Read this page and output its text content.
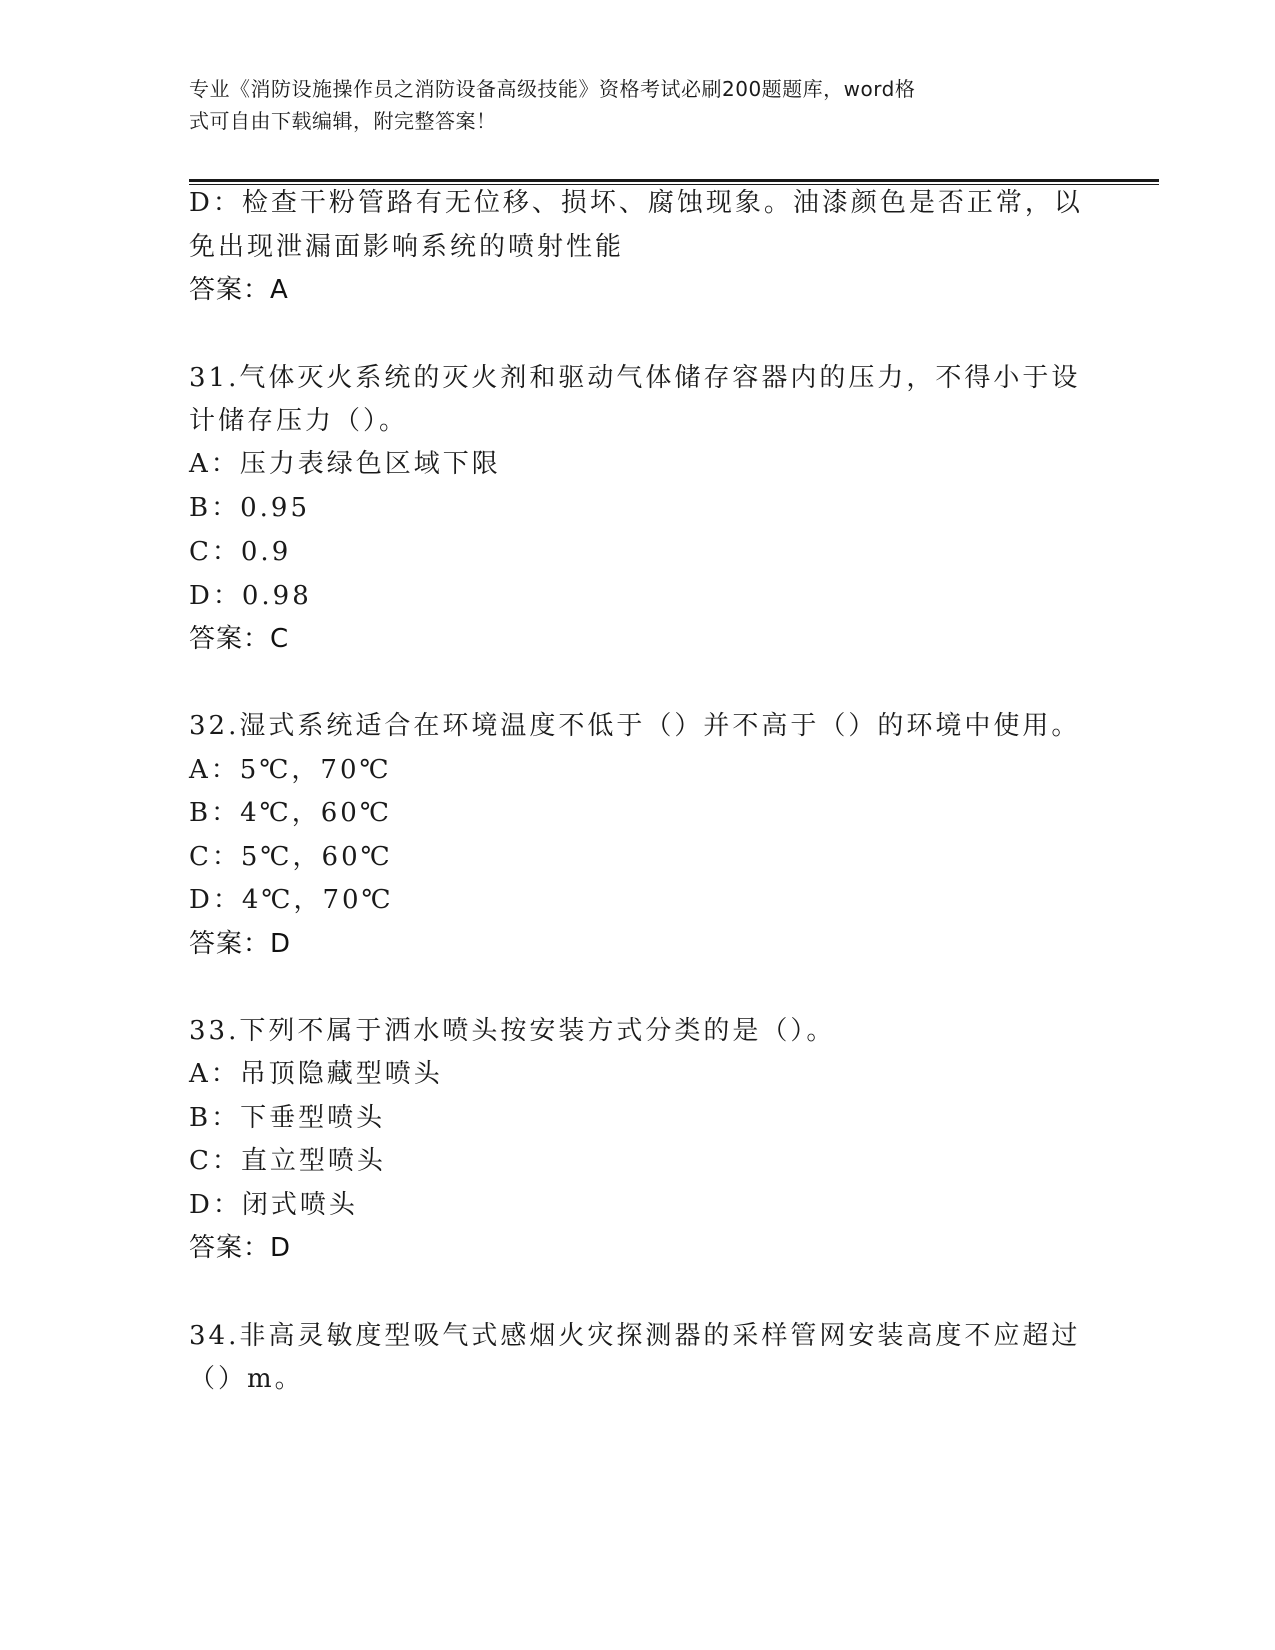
专业《消防设施操作员之消防设备高级技能》资格考试必刷200题题库，word格
式可自由下载编辑，附完整答案！
D：检查干粉管路有无位移、损坏、腐蚀现象。油漆颜色是否正常，以
免出现泄漏面影响系统的喷射性能
答案：A
31.气体灭火系统的灭火剂和驱动气体储存容器内的压力，不得小于设
计储存压力（）。
A：压力表绿色区域下限
B：0.95
C：0.9
D：0.98
答案：C
32.湿式系统适合在环境温度不低于（）并不高于（）的环境中使用。
A：5℃，70℃
B：4℃，60℃
C：5℃，60℃
D：4℃，70℃
答案：D
33.下列不属于洒水喷头按安装方式分类的是（）。
A：吊顶隐藏型喷头
B：下垂型喷头
C：直立型喷头
D：闭式喷头
答案：D
34.非高灵敏度型吸气式感烟火灾探测器的采样管网安装高度不应超过
（）m。
